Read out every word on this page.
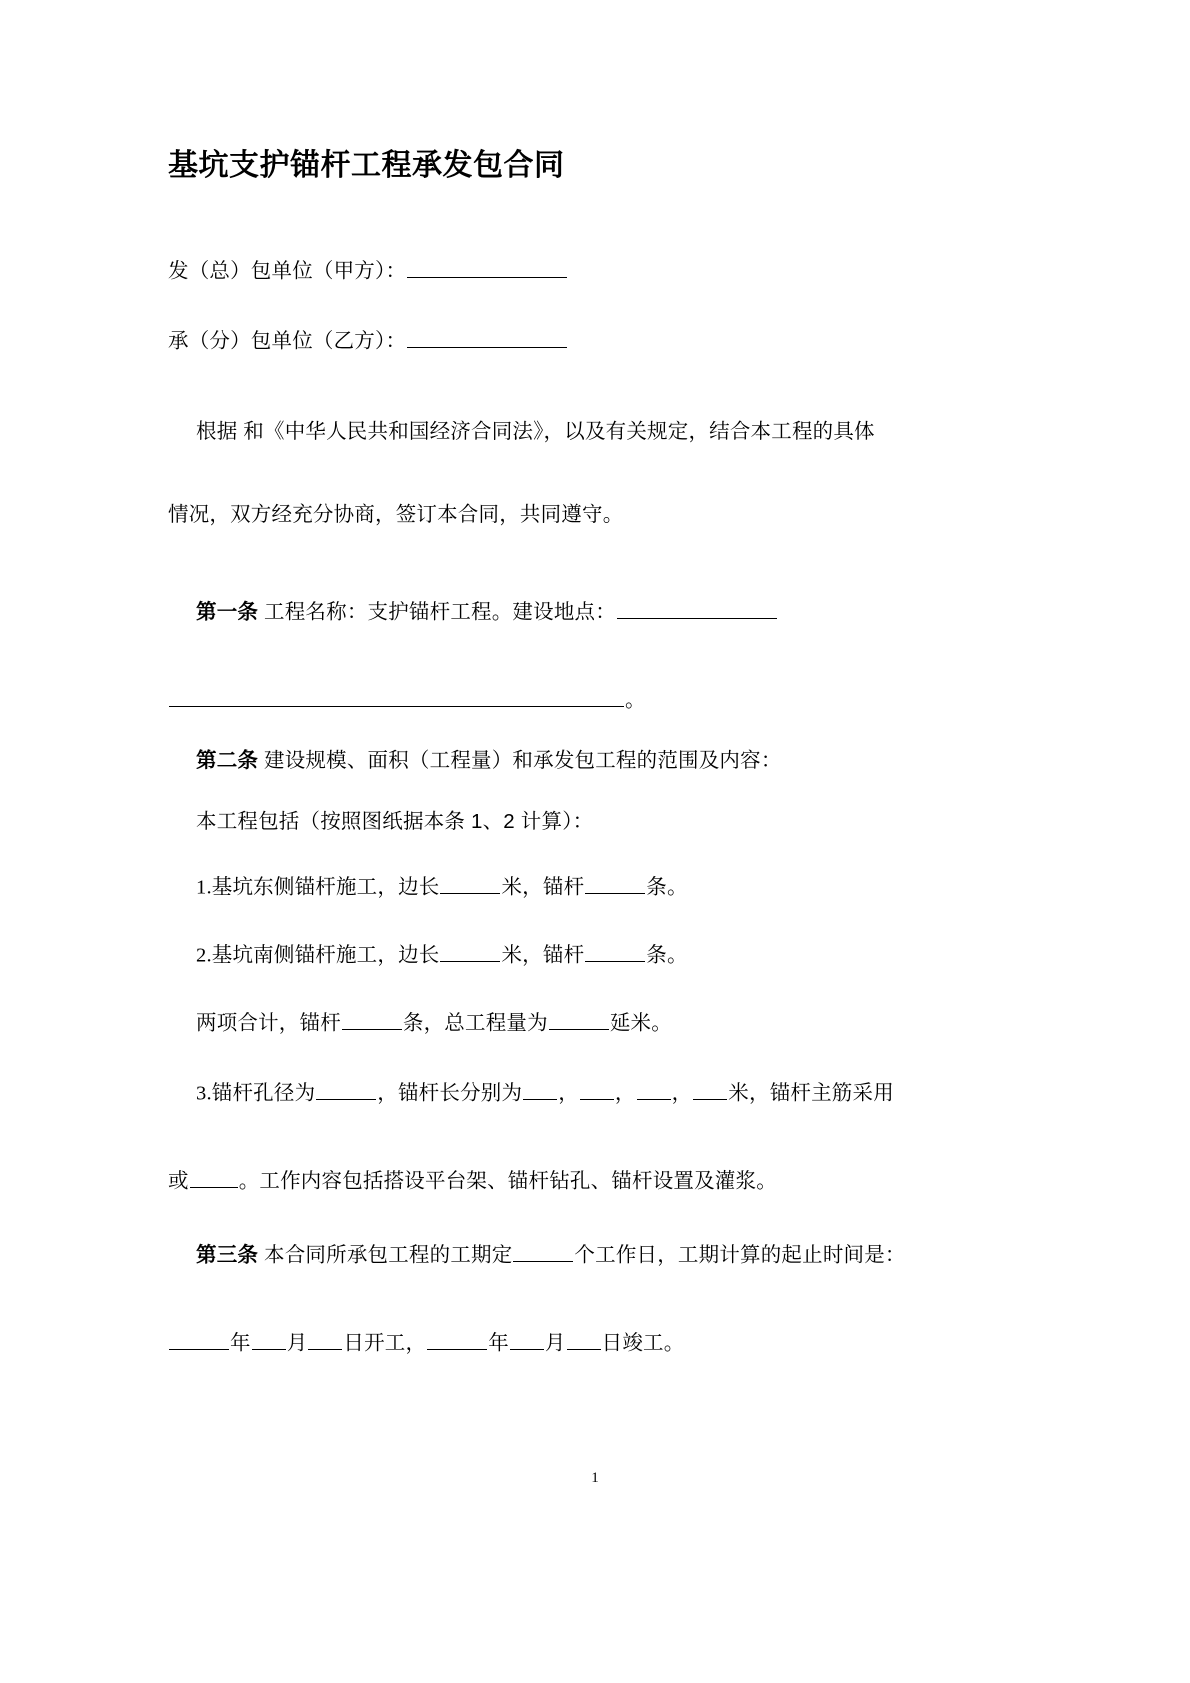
基坑支护锚杆工程承发包合同

发（总）包单位（甲方）：

承（分）包单位（乙方）：

根据 和《中华人民共和国经济合同法》，以及有关规定，结合本工程的具体

情况，双方经充分协商，签订本合同，共同遵守。

第一条 工程名称：支护锚杆工程。建设地点：

。

第二条 建设规模、面积（工程量）和承发包工程的范围及内容：

本工程包括（按照图纸据本条 1、2 计算）：

1.基坑东侧锚杆施工，边长	米，锚杆	条。

2.基坑南侧锚杆施工，边长	米，锚杆	条。

两项合计，锚杆	条，总工程量为	延米。

3.锚杆孔径为	，锚杆长分别为 ， ， ， 米，锚杆主筋采用

或 。工作内容包括搭设平台架、锚杆钻孔、锚杆设置及灌浆。

第三条 本合同所承包工程的工期定	个工作日，工期计算的起止时间是：

年 月 日开工，	年 月 日竣工。

1
